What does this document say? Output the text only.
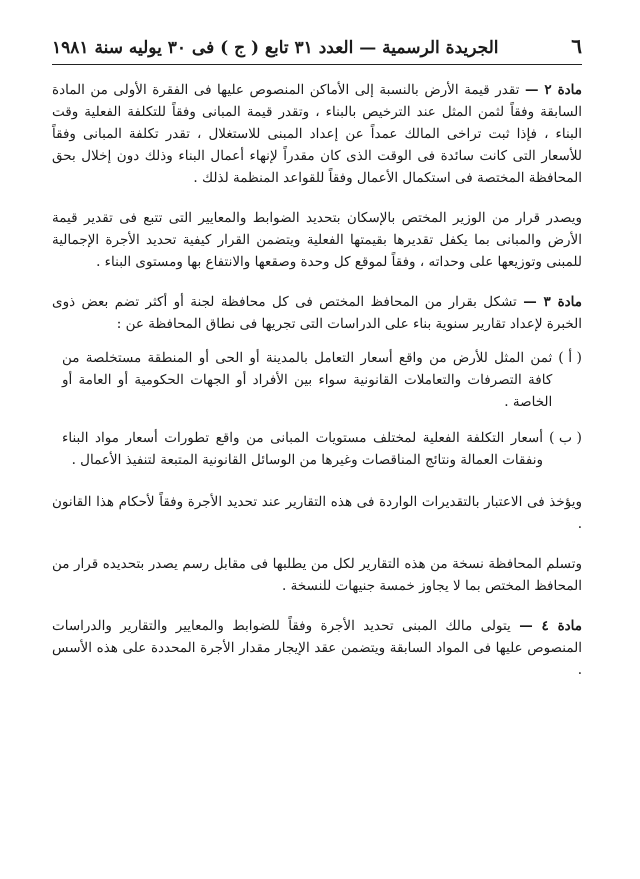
٦
الجريدة الرسمية — العدد ٣١ تابع ( ج ) فى ٣٠ يوليه سنة ١٩٨١

مادة ٢ — تقدر قيمة الأرض بالنسبة إلى الأماكن المنصوص عليها فى الفقرة الأولى من المادة السابقة وفقاً لثمن المثل عند الترخيص بالبناء ، وتقدر قيمة المبانى وفقاً للتكلفة الفعلية وقت البناء ، فإذا ثبت تراخى المالك عمداً عن إعداد المبنى للاستغلال ، تقدر تكلفة المبانى وفقاً للأسعار التى كانت سائدة فى الوقت الذى كان مقدراً لإنهاء أعمال البناء وذلك دون إخلال بحق المحافظة المختصة فى استكمال الأعمال وفقاً للقواعد المنظمة لذلك .

ويصدر قرار من الوزير المختص بالإسكان بتحديد الضوابط والمعايير التى تتبع فى تقدير قيمة الأرض والمبانى بما يكفل تقديرها بقيمتها الفعلية ويتضمن القرار كيفية تحديد الأجرة الإجمالية للمبنى وتوزيعها على وحداته ، وفقاً لموقع كل وحدة وصقعها والانتفاع بها ومستوى البناء .

مادة ٣ — تشكل بقرار من المحافظ المختص فى كل محافظة لجنة أو أكثر تضم بعض ذوى الخبرة لإعداد تقارير سنوية بناء على الدراسات التى تجريها فى نطاق المحافظة عن :

( أ )
ثمن المثل للأرض من واقع أسعار التعامل بالمدينة أو الحى أو المنطقة مستخلصة من كافة التصرفات والتعاملات القانونية سواء بين الأفراد أو الجهات الحكومية أو العامة أو الخاصة .
( ب )
أسعار التكلفة الفعلية لمختلف مستويات المبانى من واقع تطورات أسعار مواد البناء ونفقات العمالة ونتائج المناقصات وغيرها من الوسائل القانونية المتبعة لتنفيذ الأعمال .

ويؤخذ فى الاعتبار بالتقديرات الواردة فى هذه التقارير عند تحديد الأجرة وفقاً لأحكام هذا القانون .

وتسلم المحافظة نسخة من هذه التقارير لكل من يطلبها فى مقابل رسم يصدر بتحديده قرار من المحافظ المختص بما لا يجاوز خمسة جنيهات للنسخة .

مادة ٤ — يتولى مالك المبنى تحديد الأجرة وفقاً للضوابط والمعايير والتقارير والدراسات المنصوص عليها فى المواد السابقة ويتضمن عقد الإيجار مقدار الأجرة المحددة على هذه الأسس .
